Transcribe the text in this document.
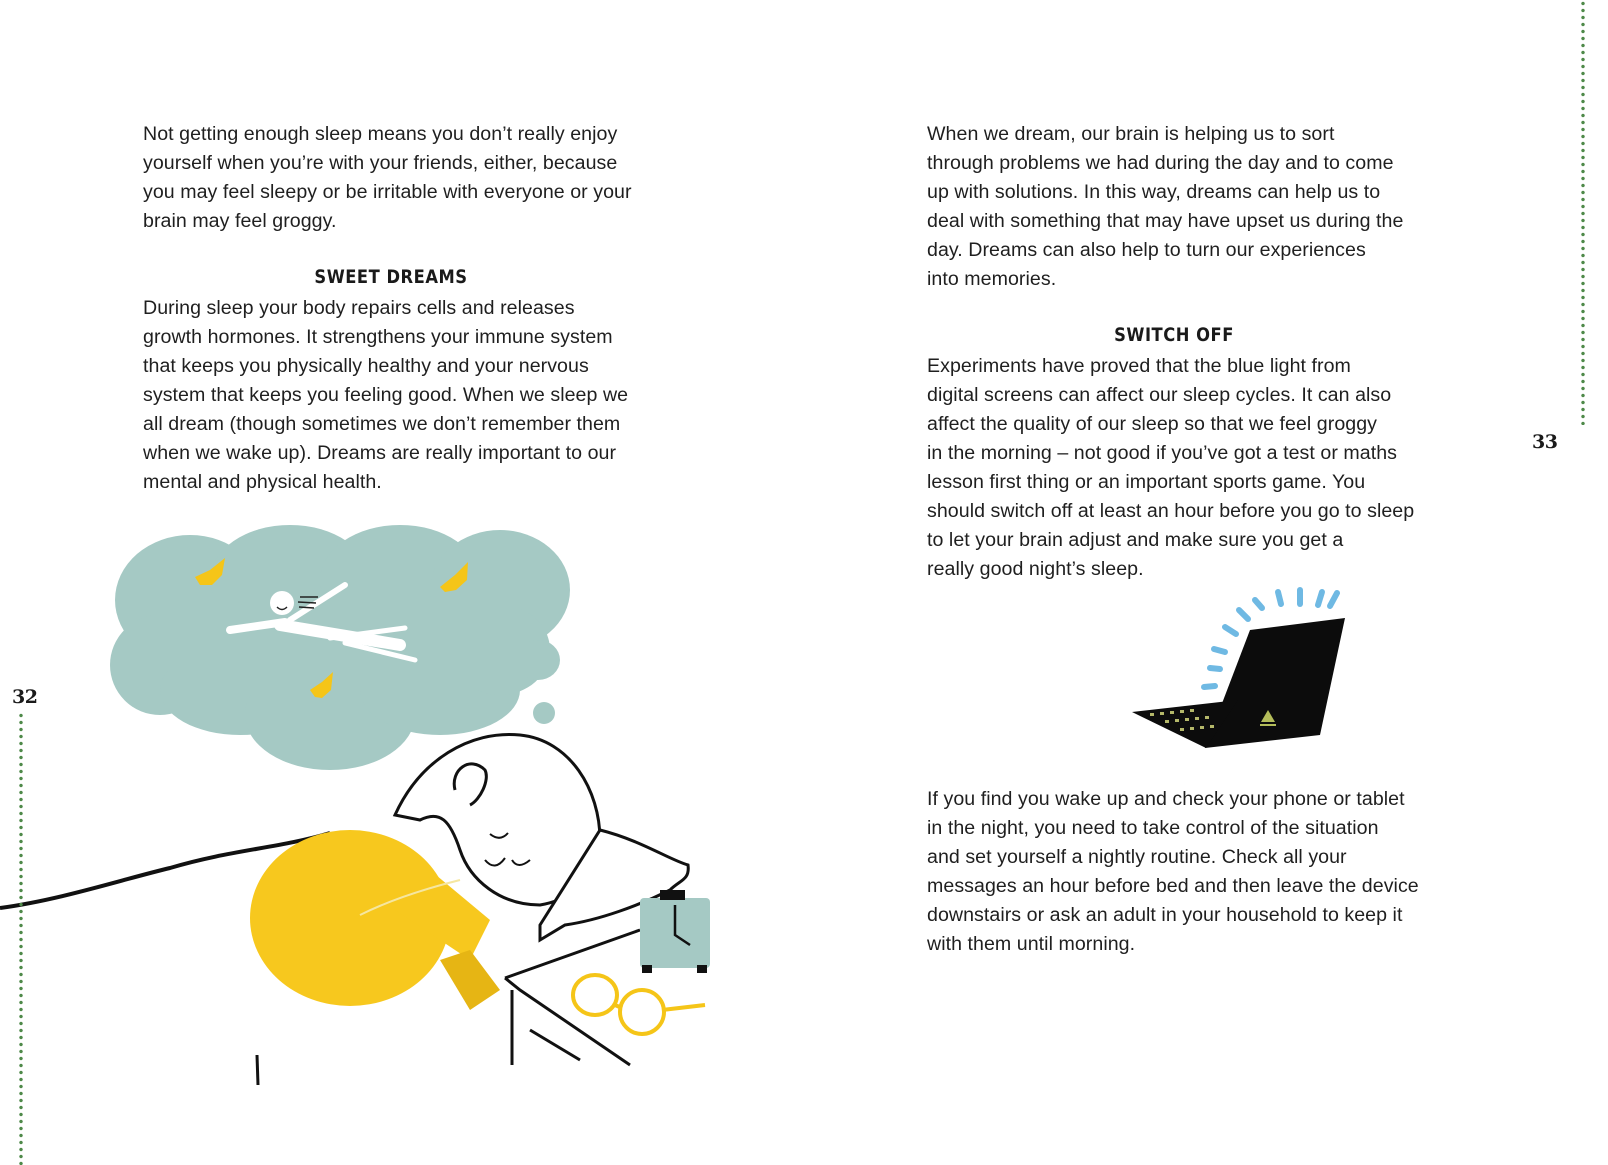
Not getting enough sleep means you don’t really enjoy
yourself when you’re with your friends, either, because
you may feel sleepy or be irritable with everyone or your
brain may feel groggy.
SWEET DREAMS
During sleep your body repairs cells and releases
growth hormones. It strengthens your immune system
that keeps you physically healthy and your nervous
system that keeps you feeling good. When we sleep we
all dream (though sometimes we don’t remember them
when we wake up). Dreams are really important to our
mental and physical health.
32
When we dream, our brain is helping us to sort
through problems we had during the day and to come
up with solutions. In this way, dreams can help us to
deal with something that may have upset us during the
day. Dreams can also help to turn our experiences
into memories.
SWITCH OFF
Experiments have proved that the blue light from
digital screens can affect our sleep cycles. It can also
affect the quality of our sleep so that we feel groggy
in the morning – not good if you’ve got a test or maths
lesson first thing or an important sports game. You
should switch off at least an hour before you go to sleep
to let your brain adjust and make sure you get a
really good night’s sleep.
If you find you wake up and check your phone or tablet
in the night, you need to take control of the situation
and set yourself a nightly routine. Check all your
messages an hour before bed and then leave the device
downstairs or ask an adult in your household to keep it
with them until morning.
33
